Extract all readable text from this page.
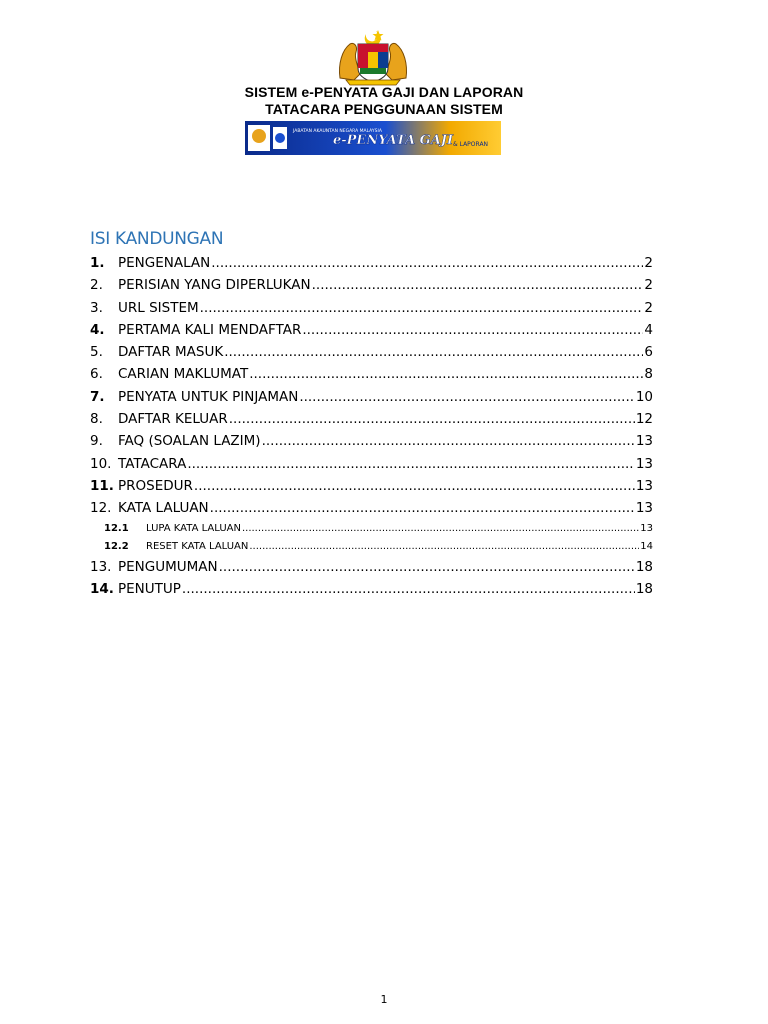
SISTEM e-PENYATA GAJI DAN LAPORAN
TATACARA PENGGUNAAN SISTEM
JABATAN AKAUNTAN NEGARA MALAYSIA
e-PENYATA GAJI & LAPORAN
ISI KANDUNGAN
1. PENGENALAN .....	2
2.	PERISIAN YANG DIPERLUKAN .....	2
3.	URL SISTEM .....	2
4. PERTAMA KALI MENDAFTAR .....	4
5.	DAFTAR MASUK .....	6
6.	CARIAN MAKLUMAT .....	8
7. PENYATA UNTUK PINJAMAN .....	10
8.	DAFTAR KELUAR .....	12
9.	FAQ (SOALAN LAZIM) .....	13
10. TATACARA .....	13
11. PROSEDUR .....	13
12. KATA LALUAN .....	13
12.1	LUPA KATA LALUAN .....	13
12.2	RESET KATA LALUAN .....	14
13. PENGUMUMAN .....	18
14. PENUTUP .....	18
1
